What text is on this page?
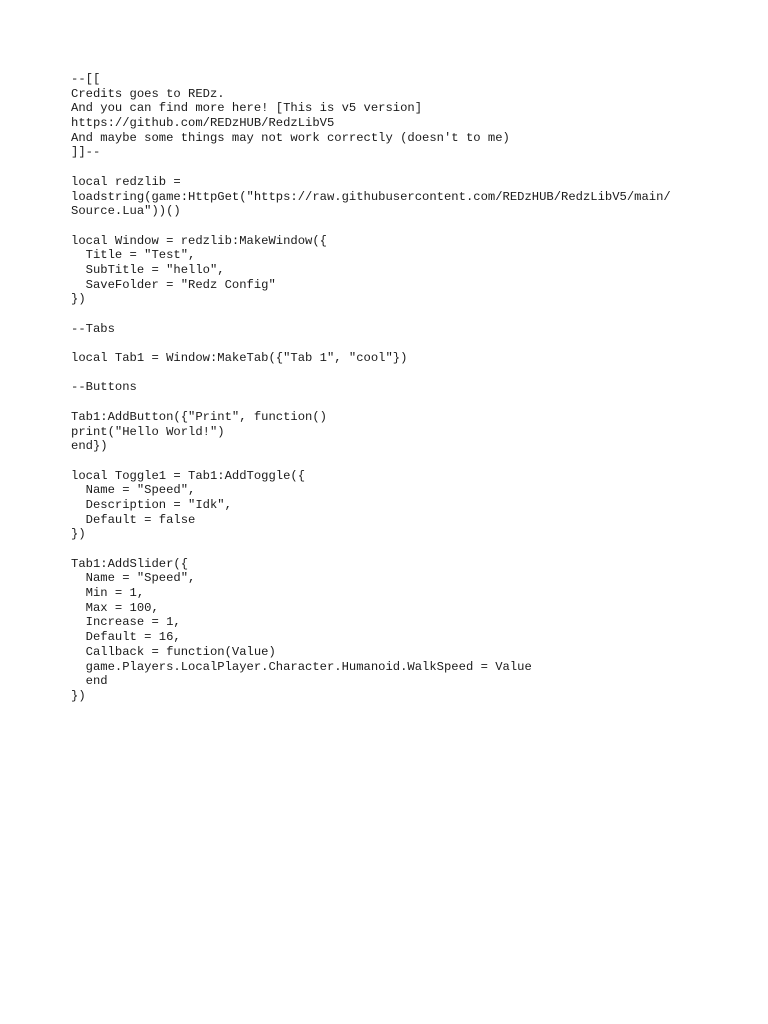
--[[
Credits goes to REDz.
And you can find more here! [This is v5 version]
https://github.com/REDzHUB/RedzLibV5
And maybe some things may not work correctly (doesn't to me)
]]--
local redzlib =
loadstring(game:HttpGet("https://raw.githubusercontent.com/REDzHUB/RedzLibV5/main/
Source.Lua"))()
local Window = redzlib:MakeWindow({
Title = "Test",
SubTitle = "hello",
SaveFolder = "Redz Config"
})
--Tabs
local Tab1 = Window:MakeTab({"Tab 1", "cool"})
--Buttons
Tab1:AddButton({"Print", function()
print("Hello World!")
end})
local Toggle1 = Tab1:AddToggle({
Name = "Speed",
Description = "Idk",
Default = false
})
Tab1:AddSlider({
Name = "Speed",
Min = 1,
Max = 100,
Increase = 1,
Default = 16,
Callback = function(Value)
game.Players.LocalPlayer.Character.Humanoid.WalkSpeed = Value
end
})
